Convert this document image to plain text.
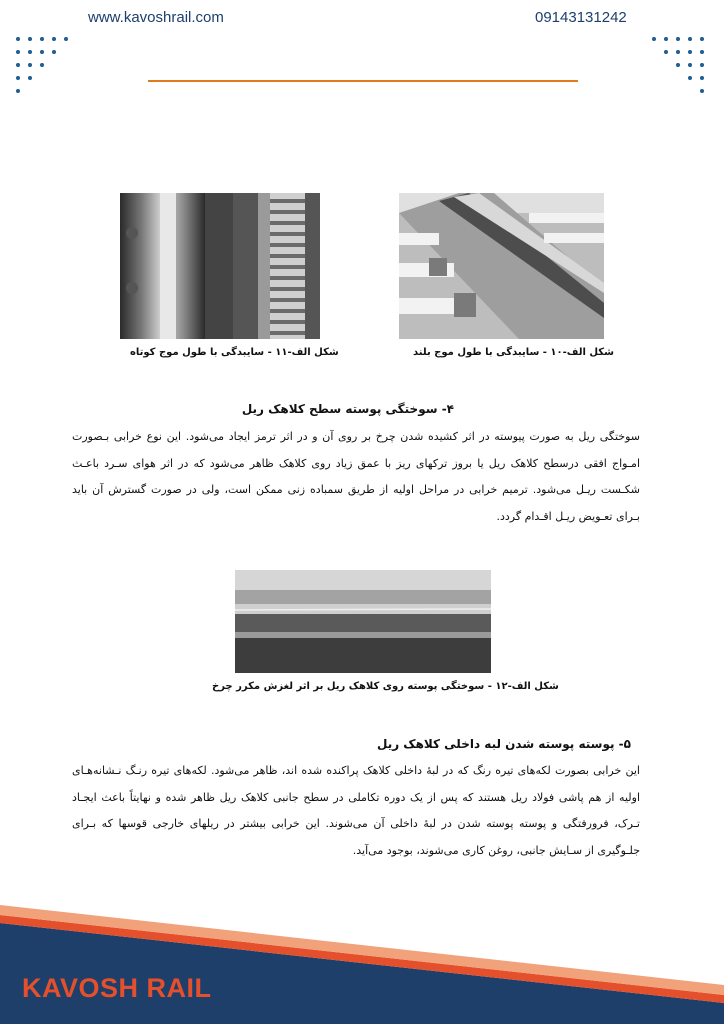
www.kavoshrail.com	09143131242
شکل الف-۱۱ - سایبدگی با طول موج کوتاه	شکل الف-۱۰ - سایبدگی با طول موج بلند
۴- سوختگی پوسته سطح کلاهک ریل

سوختگی ریل به صورت پیوسته در اثر کشیده شدن چرخ بر روی آن و در اثر ترمز ایجاد می‌شود. این نوع خرابی بـصورت امـواج افقی درسطح کلاهک ریل یا بروز ترکهای ریز با عمق زیاد روی کلاهک ظاهر می‌شود که در اثر هوای سـرد باعـث شکـست ریـل می‌شود. ترمیم خرابی در مراحل اولیه از طریق سمباده زنی ممکن است، ولی در صورت گسترش آن باید بـرای تعـویض ریـل اقـدام گردد.

شکل الف-۱۲ - سوختگی پوسته روی کلاهک ریل بر اثر لغزش مکرر چرخ
۵- پوسته پوسته شدن لبه داخلی کلاهک ریل

این خرابی بصورت لکه‌های تیره رنگ که در لبهٔ داخلی کلاهک پراکنده شده اند، ظاهر می‌شود. لکه‌های تیره رنـگ نـشانه‌هـای اولیه از هم پاشی فولاد ریل هستند که پس از یک دوره تکاملی در سطح جانبی کلاهک ریل ظاهر شده و نهایتاً باعث ایجـاد تـرک، فرورفتگی و پوسته پوسته شدن در لبهٔ داخلی آن می‌شوند. این خرابی بیشتر در ریلهای خارجی قوسها که بـرای جلـوگیری از سـایش جانبی، روغن کاری می‌شوند، بوجود می‌آید.

KAVOSH RAIL
